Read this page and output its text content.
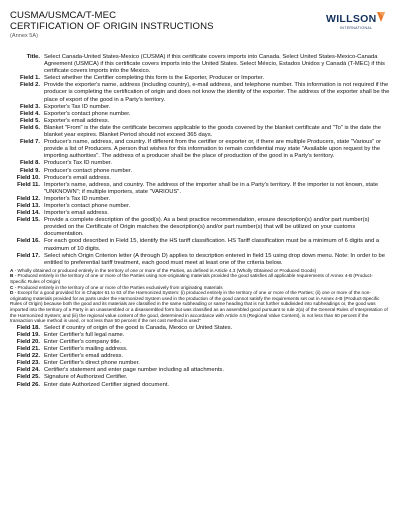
CUSMA/USMCA/T-MEC
CERTIFICATION OF ORIGIN INSTRUCTIONS
(Annex 5A)
WILLSON
INTERNATIONAL
Title. Select Canada-United States-Mexico (CUSMA) if this certificate covers imports into Canada. Select United States-Mexico-Canada Agreement (USMCA) if this certificate covers imports into the United States. Select Méxcio, Estados Unidos y Canadá (T-MEC) if this certificate covers imports into the Mexico.
Field 1. Select whether the Certifier completing this form is the Exporter, Producer or Importer.
Field 2. Provide the exporter's name, address (including country), e-mail address, and telephone number. This information is not required if the producer is completing the certification of origin and does not know the identity of the exporter. The address of the exporter shall be the place of export of the good in a Party's territory.
Field 3. Exporter's Tax ID number.
Field 4. Exporter's contact phone number.
Field 5. Exporter's email address.
Field 6. Blanket "From" is the date the certificate becomes applicable to the goods covered by the blanket certificate and "To" is the date the blanket year expires. Blanket Period should not exceed 365 days.
Field 7. Producer's name, address, and country. If different from the certifier or exporter or, if there are multiple Producers, state "Various" or provide a list of Producers. A person that wishes for this information to remain confidential may state "Available upon request by the importing authorities". The address of a producer shall be the place of production of the good in a Party's territory.
Field 8. Producer's Tax ID number.
Field 9. Producer's contact phone number.
Field 10. Producer's email address.
Field 11. Importer's name, address, and country. The address of the importer shall be in a Party's territory. If the importer is not known, state "UNKNOWN"; if multiple importers, state "VARIOUS".
Field 12. Importer's Tax ID number.
Field 13. Importer's contact phone number.
Field 14. Importer's email address.
Field 15. Provide a complete description of the good(s). As a best practice recommendation, ensure description(s) and/or part number(s) provided on the Certificate of Origin matches the description(s) and/or part number(s) that will be utilized on your customs documentation.
Field 16. For each good described in Field 15, identify the HS tariff classification. HS Tariff classification must be a minimum of 6 digits and a maximum of 10 digits.
Field 17. Select which Origin Criterion letter (A through D) applies to description entered in field 15 using drop down menu. Note: In order to be entitled to preferential tariff treatment, each good must meet at least one of the criteria below.

A - Wholly obtained or produced entirely in the territory of one or more of the Parties, as defined in Article 4.3 (Wholly Obtained or Produced Goods)

B - Produced entirely in the territory of one or more of the Parties using non-originating materials provided the good satisfies all applicable requirements of Annex 4-B (Product-Specific Rules of Origin)

C - Produced entirely in the territory of one or more of the Parties exclusively from originating materials

D - Except for a good provided for in Chapter 61 to 63 of the Harmonized System: (i) produced entirely in the territory of one or more of the Parties; (ii) one or more of the non-originating materials provided for as parts under the Harmonized System used in the production of the good cannot satisfy the requirements set out in Annex 4-B (Product-Specific Rules of Origin) because both the good and its materials are classified in the same subheading or same heading that is not further subdivided into subheadings or, the good was imported into the territory of a Party in an unassembled or a disassembled form but was classified as an assembled good pursuant to rule 2(a) of the General Rules of Interpretation of the Harmonized System; and (iii) the regional value content of the good, determined in accordance with Article 4.5 (Regional Value Content), is not less than 60 percent if the transaction value method is used, or not less than 50 percent if the net cost method is used"

Field 18. Select if country of origin of the good is Canada, Mexico or United States.
Field 19. Enter Certifier's full legal name.
Field 20. Enter Certifier's company title.
Field 21. Enter Certifier's mailing address.
Field 22. Enter Certifier's email address.
Field 23. Enter Certifier's direct phone number.
Field 24. Certifier's statement and enter page number including all attachments.
Field 25. Signature of Authorized Certifier.
Field 26. Enter date Authorized Certifier signed document.
